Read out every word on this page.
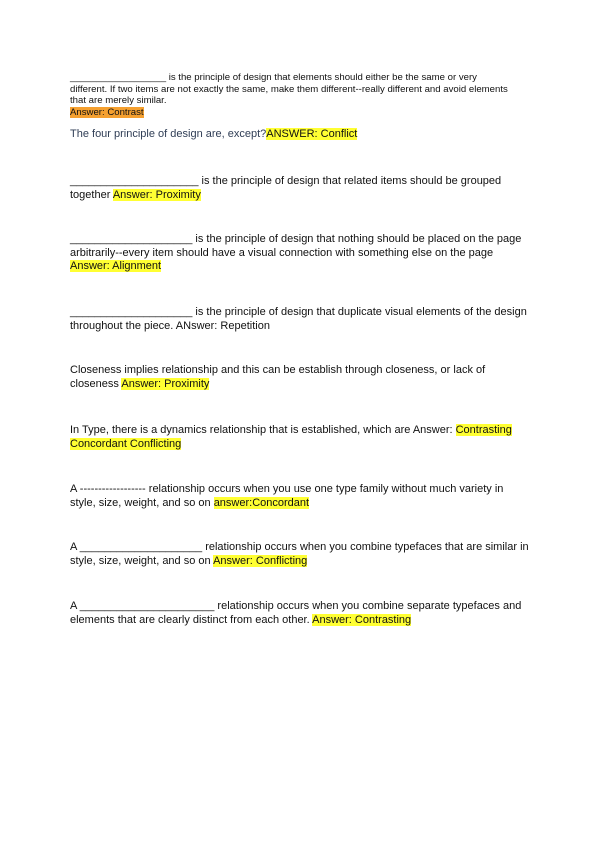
__________________ is the principle of design that elements should either be the same or very different. If two items are not exactly the same, make them different--really different and avoid elements that are merely similar.
Answer: Contrast
The four principle of design are, except?ANSWER: Conflict
_____________________ is the principle of design that related items should be grouped together Answer: Proximity
____________________ is the principle of design that nothing should be placed on the page arbitrarily--every item should have a visual connection with something else on the page Answer: Alignment
____________________ is the principle of design that duplicate visual elements of the design throughout the piece. ANswer: Repetition
Closeness implies relationship and this can be establish through closeness, or lack of closeness Answer: Proximity
In Type, there is a dynamics relationship that is established, which are Answer: Contrasting Concordant Conflicting
A ------------------ relationship occurs when you use one type family without much variety in style, size, weight, and so on answer:Concordant
A ____________________ relationship occurs when you combine typefaces that are similar in style, size, weight, and so on Answer: Conflicting
A ______________________ relationship occurs when you combine separate typefaces and elements that are clearly distinct from each other. Answer: Contrasting
